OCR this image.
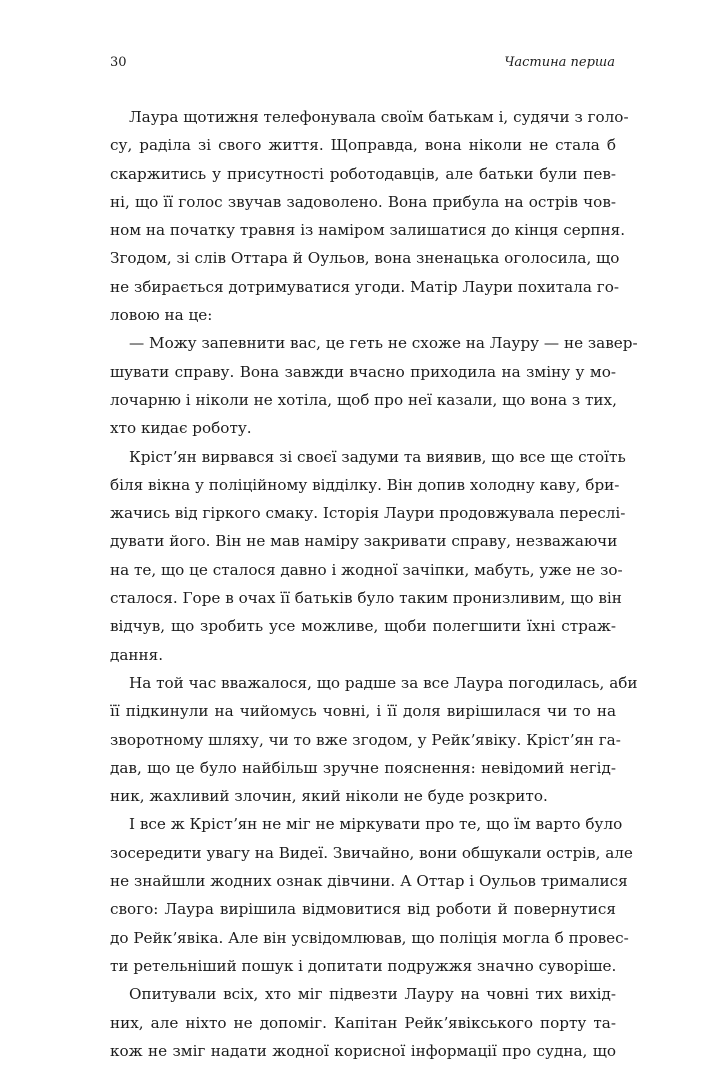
30	Частина перша
Лаура щотижня телефонувала своїм батькам і, судячи з голо-
су, раділа зі свого життя. Щоправда, вона ніколи не стала б
скаржитись у присутності роботодавців, але батьки були пев-
ні, що її голос звучав задоволено. Вона прибула на острів чов-
ном на початку травня із наміром залишатися до кінця серпня.
Згодом, зі слів Оттара й Оульов, вона зненацька оголосила, що
не збирається дотримуватися угоди. Матір Лаури похитала го-
ловою на це:
— Можу запевнити вас, це геть не схоже на Лауру — не завер-
шувати справу. Вона завжди вчасно приходила на зміну у мо-
лочарню і ніколи не хотіла, щоб про неї казали, що вона з тих,
хто кидає роботу.
Крістʼян вирвався зі своєї задуми та виявив, що все ще стоїть
біля вікна у поліційному відділку. Він допив холодну каву, бри-
жачись від гіркого смаку. Історія Лаури продовжувала переслі-
дувати його. Він не мав наміру закривати справу, незважаючи
на те, що це сталося давно і жодної зачіпки, мабуть, уже не зо-
сталося. Горе в очах її батьків було таким пронизливим, що він
відчув, що зробить усе можливе, щоби полегшити їхні страж-
дання.
На той час вважалося, що радше за все Лаура погодилась, аби
її підкинули на чийомусь човні, і її доля вирішилася чи то на
зворотному шляху, чи то вже згодом, у Рейкʼявіку. Крістʼян га-
дав, що це було найбільш зручне пояснення: невідомий негід-
ник, жахливий злочин, який ніколи не буде розкрито.
І все ж Крістʼян не міг не міркувати про те, що їм варто було
зосередити увагу на Видеї. Звичайно, вони обшукали острів, але
не знайшли жодних ознак дівчини. А Оттар і Оульов трималися
свого: Лаура вирішила відмовитися від роботи й повернутися
до Рейкʼявіка. Але він усвідомлював, що поліція могла б провес-
ти ретельніший пошук і допитати подружжя значно суворіше.
Опитували всіх, хто міг підвезти Лауру на човні тих вихід-
них, але ніхто не допоміг. Капітан Рейкʼявікського порту та-
кож не зміг надати жодної корисної інформації про судна, що
